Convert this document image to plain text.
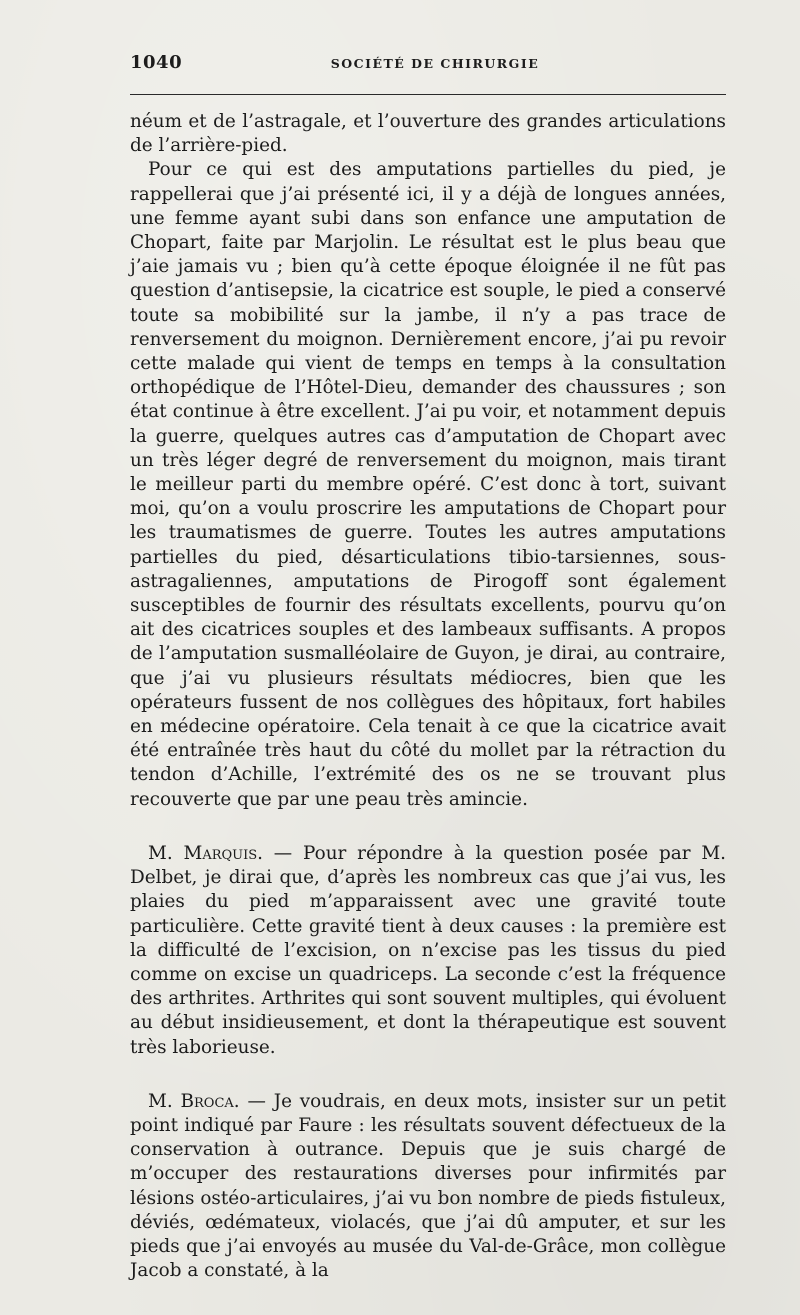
1040	SOCIÉTÉ DE CHIRURGIE

néum et de l’astragale, et l’ouverture des grandes articulations de l’arrière-pied.

Pour ce qui est des amputations partielles du pied, je rappellerai que j’ai présenté ici, il y a déjà de longues années, une femme ayant subi dans son enfance une amputation de Chopart, faite par Marjolin. Le résultat est le plus beau que j’aie jamais vu ; bien qu’à cette époque éloignée il ne fût pas question d’antisepsie, la cicatrice est souple, le pied a conservé toute sa mobibilité sur la jambe, il n’y a pas trace de renversement du moignon. Dernièrement encore, j’ai pu revoir cette malade qui vient de temps en temps à la consultation orthopédique de l’Hôtel-Dieu, demander des chaussures ; son état continue à être excellent. J’ai pu voir, et notamment depuis la guerre, quelques autres cas d’amputation de Chopart avec un très léger degré de renversement du moignon, mais tirant le meilleur parti du membre opéré. C’est donc à tort, suivant moi, qu’on a voulu proscrire les amputations de Chopart pour les traumatismes de guerre. Toutes les autres amputations partielles du pied, désarticulations tibio-tarsiennes, sous-astragaliennes, amputations de Pirogoff sont également susceptibles de fournir des résultats excellents, pourvu qu’on ait des cicatrices souples et des lambeaux suffisants. A propos de l’amputation susmalléolaire de Guyon, je dirai, au contraire, que j’ai vu plusieurs résultats médiocres, bien que les opérateurs fussent de nos collègues des hôpitaux, fort habiles en médecine opératoire. Cela tenait à ce que la cicatrice avait été entraînée très haut du côté du mollet par la rétraction du tendon d’Achille, l’extrémité des os ne se trouvant plus recouverte que par une peau très amincie.

M. Marquis. — Pour répondre à la question posée par M. Delbet, je dirai que, d’après les nombreux cas que j’ai vus, les plaies du pied m’apparaissent avec une gravité toute particulière. Cette gravité tient à deux causes : la première est la difficulté de l’excision, on n’excise pas les tissus du pied comme on excise un quadriceps. La seconde c’est la fréquence des arthrites. Arthrites qui sont souvent multiples, qui évoluent au début insidieusement, et dont la thérapeutique est souvent très laborieuse.

M. Broca. — Je voudrais, en deux mots, insister sur un petit point indiqué par Faure : les résultats souvent défectueux de la conservation à outrance. Depuis que je suis chargé de m’occuper des restaurations diverses pour infirmités par lésions ostéo-articulaires, j’ai vu bon nombre de pieds fistuleux, déviés, œdémateux, violacés, que j’ai dû amputer, et sur les pieds que j’ai envoyés au musée du Val-de-Grâce, mon collègue Jacob a constaté, à la
